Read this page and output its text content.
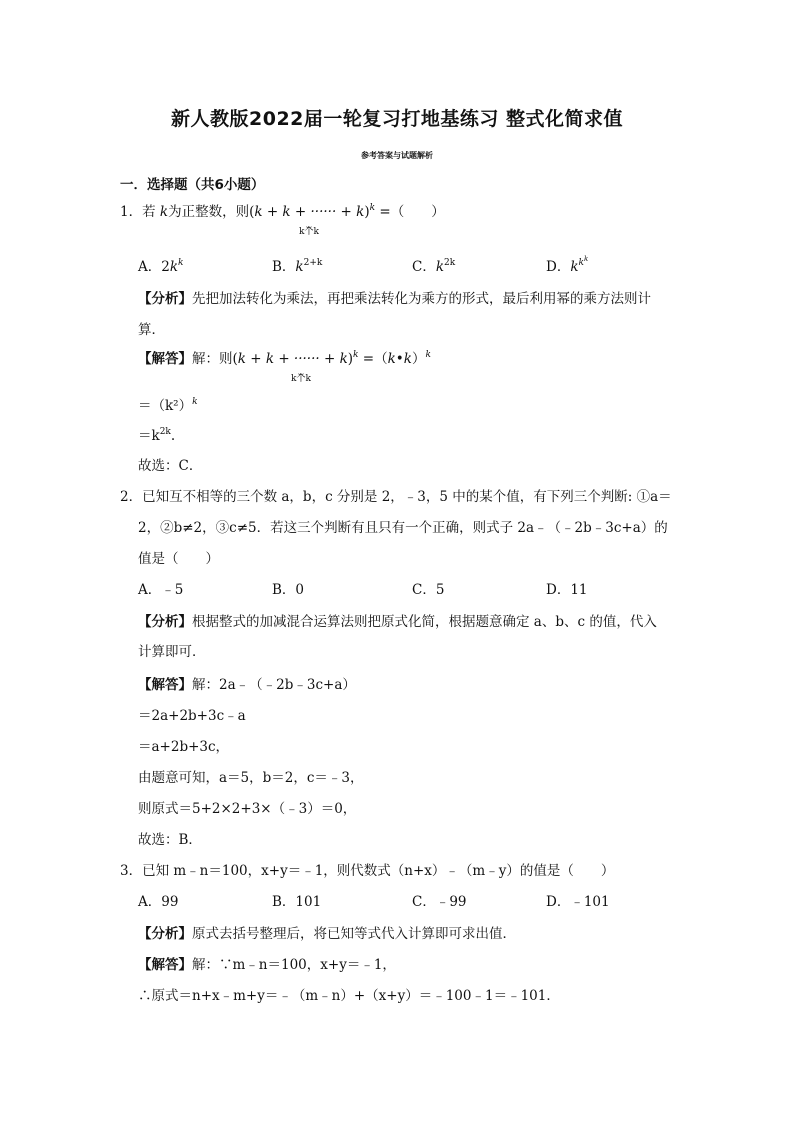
新人教版2022届一轮复习打地基练习 整式化简求值
参考答案与试题解析
一．选择题（共6小题）
1．若 k为正整数，则(k + k + ······ + k)$^k$ =（　　）
⏟
k个k
A．$2k^k$	B．$k^{2+k}$	C．$k^{2k}$	D．$k^{k^k}$
【分析】先把加法转化为乘法，再把乘法转化为乘方的形式，最后利用幂的乘方法则计
算．
【解答】解：则(k + k + ······ + k)$^k$ =（k•k）$^k$
⏟
k个k
$=(k^2)^k$
$=k^{2k}$.
故选：C．
2．已知互不相等的三个数 a，b，c 分别是 2，﹣3，5 中的某个值，有下列三个判断: ①a＝
2，②b≠2，③c≠5．若这三个判断有且只有一个正确，则式子 2a﹣（﹣2b﹣3c+a）的
值是（　　）
A．﹣5	B．0	C．5	D．11
【分析】根据整式的加减混合运算法则把原式化简，根据题意确定 a、b、c 的值，代入
计算即可．
【解答】解：2a﹣（﹣2b﹣3c+a）
＝2a+2b+3c﹣a
＝a+2b+3c，
由题意可知，a＝5，b＝2，c＝﹣3，
则原式＝5+2×2+3×（﹣3）＝0，
故选：B．
3．已知 m﹣n＝100，x+y＝﹣1，则代数式（n+x）﹣（m﹣y）的值是（　　）
A．99	B．101	C．﹣99	D．﹣101
【分析】原式去括号整理后，将已知等式代入计算即可求出值．
【解答】解：∵m﹣n＝100，x+y＝﹣1，
∴原式＝n+x﹣m+y＝﹣（m﹣n）+（x+y）＝﹣100﹣1＝﹣101．
